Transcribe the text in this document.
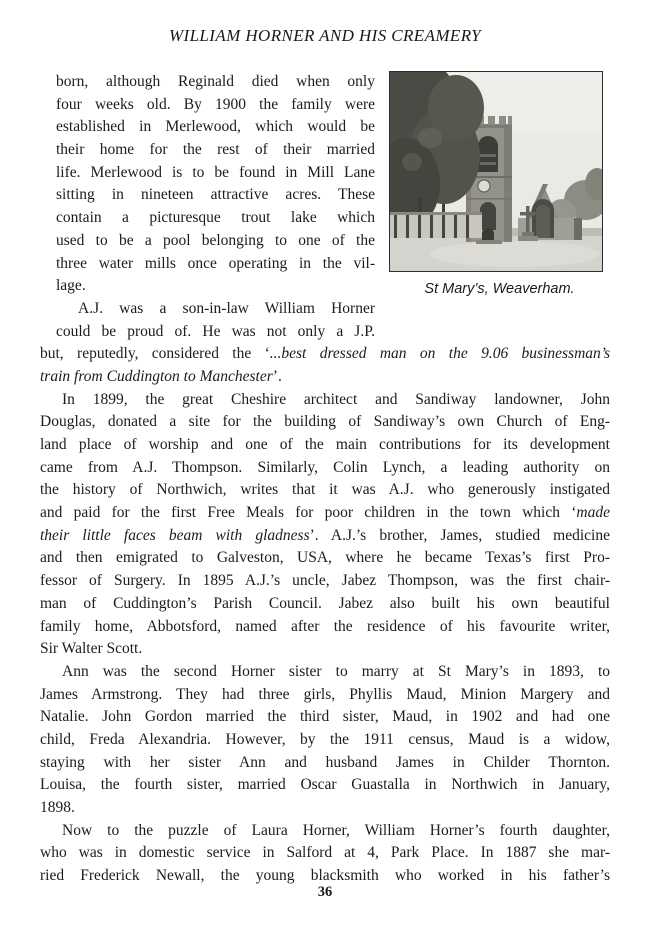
WILLIAM HORNER AND HIS CREAMERY
born, although Reginald died when only
four weeks old. By 1900 the family were
established in Merlewood, which would be
their home for the rest of their married
life. Merlewood is to be found in Mill Lane
sitting in nineteen attractive acres. These
contain a picturesque trout lake which
used to be a pool belonging to one of the
three water mills once operating in the vil-
lage.
A.J. was a son-in-law William Horner
could be proud of. He was not only a J.P.
St Mary’s, Weaverham.
but, reputedly, considered the ‘...best dressed man on the 9.06 businessman’s
train from Cuddington to Manchester’.
In 1899, the great Cheshire architect and Sandiway landowner, John
Douglas, donated a site for the building of Sandiway’s own Church of Eng-
land place of worship and one of the main contributions for its development
came from A.J. Thompson. Similarly, Colin Lynch, a leading authority on
the history of Northwich, writes that it was A.J. who generously instigated
and paid for the first Free Meals for poor children in the town which ‘made
their little faces beam with gladness’. A.J.’s brother, James, studied medicine
and then emigrated to Galveston, USA, where he became Texas’s first Pro-
fessor of Surgery. In 1895 A.J.’s uncle, Jabez Thompson, was the first chair-
man of Cuddington’s Parish Council. Jabez also built his own beautiful
family home, Abbotsford, named after the residence of his favourite writer,
Sir Walter Scott.
Ann was the second Horner sister to marry at St Mary’s in 1893, to
James Armstrong. They had three girls, Phyllis Maud, Minion Margery and
Natalie. John Gordon married the third sister, Maud, in 1902 and had one
child, Freda Alexandria. However, by the 1911 census, Maud is a widow,
staying with her sister Ann and husband James in Childer Thornton.
Louisa, the fourth sister, married Oscar Guastalla in Northwich in January,
1898.
Now to the puzzle of Laura Horner, William Horner’s fourth daughter,
who was in domestic service in Salford at 4, Park Place. In 1887 she mar-
ried Frederick Newall, the young blacksmith who worked in his father’s
36
